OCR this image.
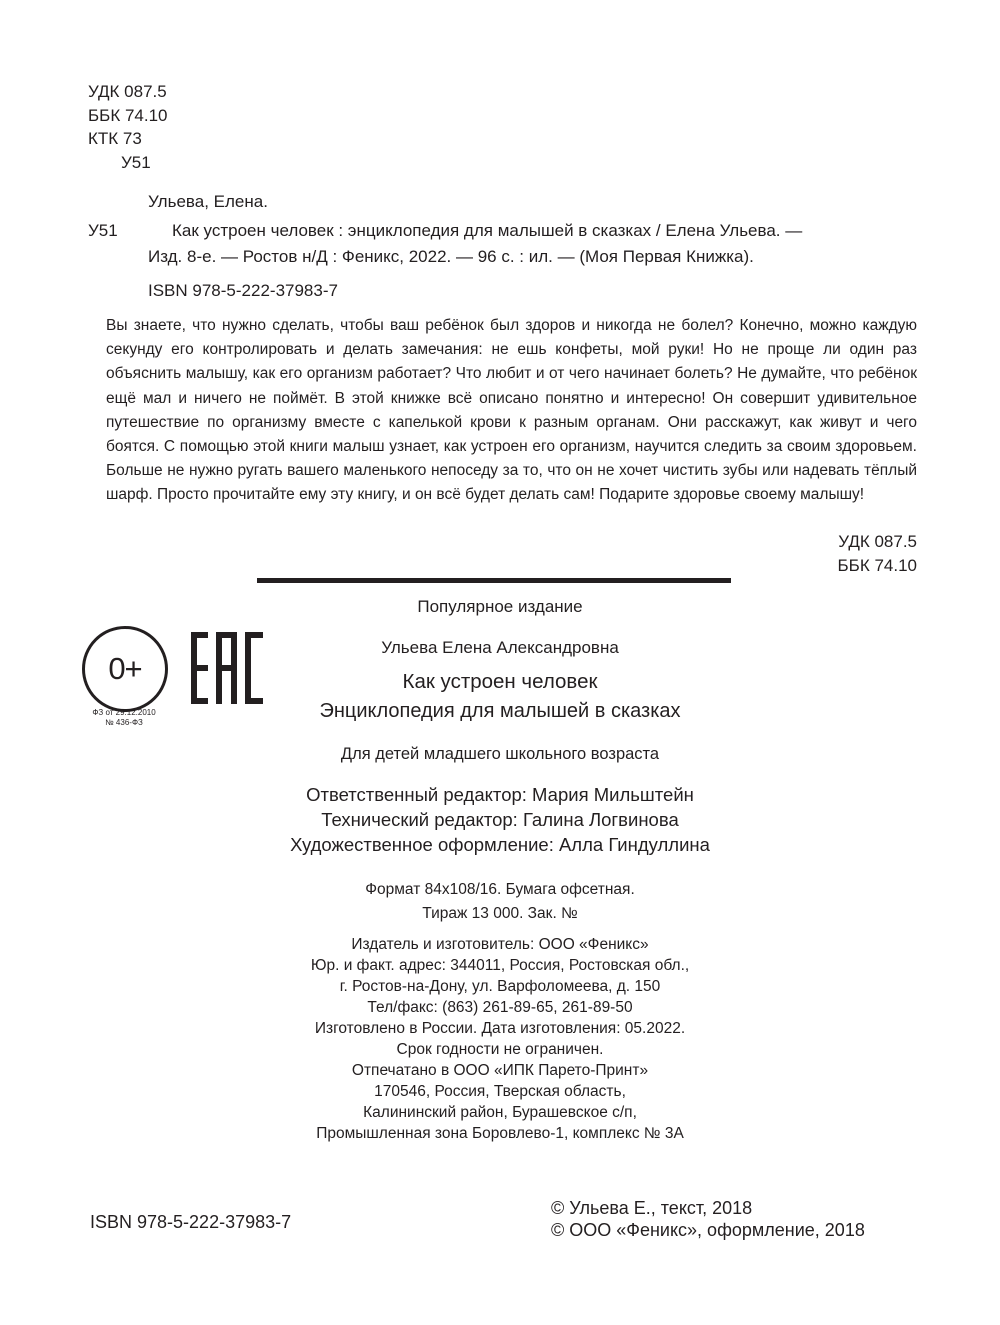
УДК 087.5
ББК 74.10
КТК 73
У51
Ульева, Елена.
У51	Как устроен человек : энциклопедия для малышей в сказках / Елена Ульева. —
Изд. 8-е. — Ростов н/Д : Феникс, 2022. — 96 с. : ил. — (Моя Первая Книжка).
ISBN 978-5-222-37983-7
Вы знаете, что нужно сделать, чтобы ваш ребёнок был здоров и никогда не болел? Конечно, можно каждую секунду его контролировать и делать замечания: не ешь конфеты, мой руки! Но не проще ли один раз объяснить малышу, как его организм работает? Что любит и от чего начинает болеть? Не думайте, что ребёнок ещё мал и ничего не поймёт. В этой книжке всё описано понятно и интересно! Он совершит удивительное путешествие по организму вместе с капелькой крови к разным органам. Они расскажут, как живут и чего боятся. С помощью этой книги малыш узнает, как устроен его организм, научится следить за своим здоровьем. Больше не нужно ругать вашего маленького непоседу за то, что он не хочет чистить зубы или надевать тёплый шарф. Просто прочитайте ему эту книгу, и он всё будет делать сам! Подарите здоровье своему малышу!
УДК 087.5
ББК 74.10
0+
ФЗ от 29.12.2010
№ 436-ФЗ
Популярное издание
Ульева Елена Александровна
Как устроен человек
Энциклопедия для малышей в сказках
Для детей младшего школьного возраста
Ответственный редактор: Мария Мильштейн
Технический редактор: Галина Логвинова
Художественное оформление: Алла Гиндуллина
Формат 84x108/16. Бумага офсетная.
Тираж 13 000. Зак. №
Издатель и изготовитель: ООО «Феникс»
Юр. и факт. адрес: 344011, Россия, Ростовская обл.,
г. Ростов-на-Дону, ул. Варфоломеева, д. 150
Тел/факс: (863) 261-89-65, 261-89-50
Изготовлено в России. Дата изготовления: 05.2022.
Срок годности не ограничен.
Отпечатано в ООО «ИПК Парето-Принт»
170546, Россия, Тверская область,
Калининский район, Бурашевское с/п,
Промышленная зона Боровлево-1, комплекс № 3А
ISBN 978-5-222-37983-7
© Ульева Е., текст, 2018
© ООО «Феникс», оформление, 2018
